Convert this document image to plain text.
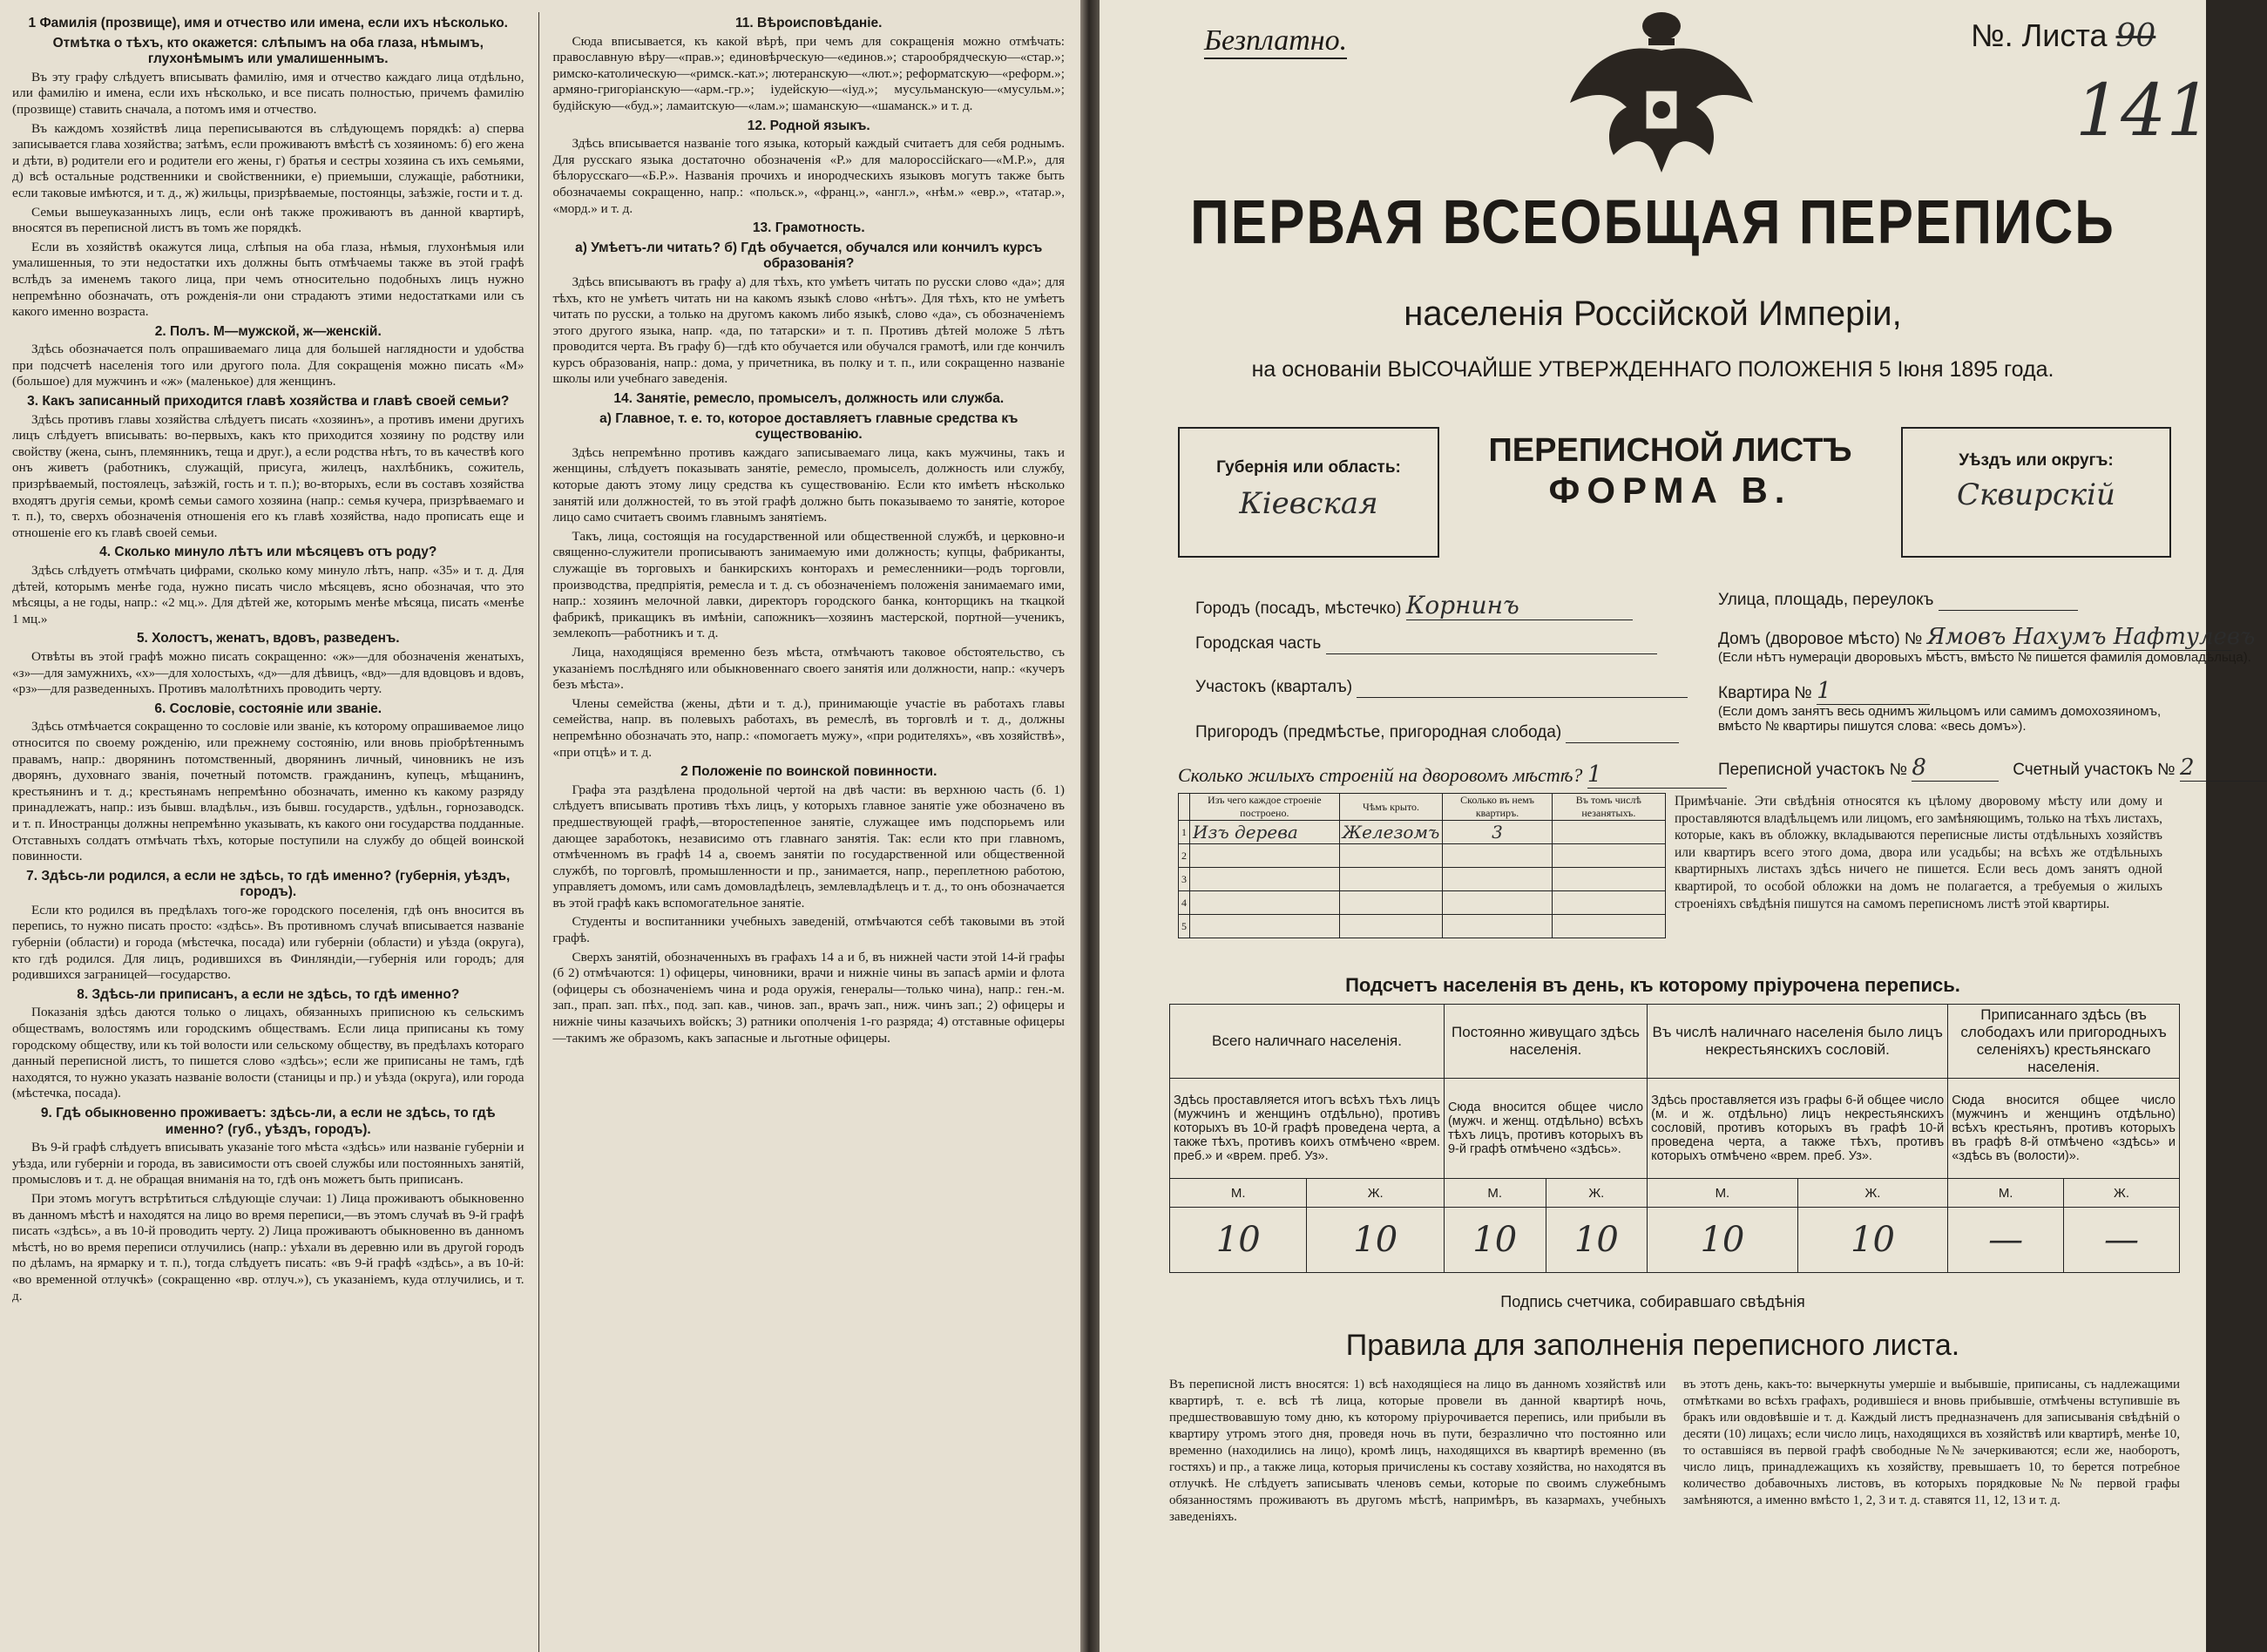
1 Фамилія (прозвище), имя и отчество или имена, если ихъ нѣсколько.
Отмѣтка о тѣхъ, кто окажется: слѣпымъ на оба глаза, нѣмымъ, глухонѣмымъ или умалишеннымъ.

Въ эту графу слѣдуетъ вписывать фамилію, имя и отчество каждаго лица отдѣльно, или фамилію и имена, если ихъ нѣсколько, и все писать полностью, причемъ фамилію (прозвище) ставить сначала, а потомъ имя и отчество.

Въ каждомъ хозяйствѣ лица переписываются въ слѣдующемъ порядкѣ: а) сперва записывается глава хозяйства; затѣмъ, если проживаютъ вмѣстѣ съ хозяиномъ: б) его жена и дѣти, в) родители его и родители его жены, г) братья и сестры хозяина съ ихъ семьями, д) всѣ остальные родственники и свойственники, е) приемыши, служащіе, работники, если таковые имѣются, и т. д., ж) жильцы, призрѣваемые, постоянцы, заѣзжіе, гости и т. д.

Семьи вышеуказанныхъ лицъ, если онѣ также проживаютъ въ данной квартирѣ, вносятся въ переписной листъ въ томъ же порядкѣ.

Если въ хозяйствѣ окажутся лица, слѣпыя на оба глаза, нѣмыя, глухонѣмыя или умалишенныя, то эти недостатки ихъ должны быть отмѣчаемы также въ этой графѣ вслѣдъ за именемъ такого лица, при чемъ относительно подобныхъ лицъ нужно непремѣнно обозначать, отъ рожденія-ли они страдаютъ этими недостатками или съ какого именно возраста.

2. Полъ. М—мужской, ж—женскій.

Здѣсь обозначается полъ опрашиваемаго лица для большей наглядности и удобства при подсчетѣ населенія того или другого пола. Для сокращенія можно писать «М» (большое) для мужчинъ и «ж» (маленькое) для женщинъ.

3. Какъ записанный приходится главѣ хозяйства и главѣ своей семьи?

Здѣсь противъ главы хозяйства слѣдуетъ писать «хозяинъ», а противъ имени другихъ лицъ слѣдуетъ вписывать: во-первыхъ, какъ кто приходится хозяину по родству или свойству (жена, сынъ, племянникъ, теща и друг.), а если родства нѣтъ, то въ качествѣ кого онъ живетъ (работникъ, служащій, присуга, жилецъ, нахлѣбникъ, сожитель, призрѣваемый, постоялецъ, заѣзжій, гость и т. п.); во-вторыхъ, если въ составъ хозяйства входятъ другія семьи, кромѣ семьи самого хозяина (напр.: семья кучера, призрѣваемаго и т. п.), то, сверхъ обозначенія отношенія его къ главѣ хозяйства, надо прописать еще и отношеніе его къ главѣ своей семьи.

4. Сколько минуло лѣтъ или мѣсяцевъ отъ роду?

Здѣсь слѣдуетъ отмѣчать цифрами, сколько кому минуло лѣтъ, напр. «35» и т. д. Для дѣтей, которымъ менѣе года, нужно писать число мѣсяцевъ, ясно обозначая, что это мѣсяцы, а не годы, напр.: «2 мц.». Для дѣтей же, которымъ менѣе мѣсяца, писать «менѣе 1 мц.»

5. Холостъ, женатъ, вдовъ, разведенъ.

Отвѣты въ этой графѣ можно писать сокращенно: «ж»—для обозначенія женатыхъ, «з»—для замужнихъ, «х»—для холостыхъ, «д»—для дѣвицъ, «вд»—для вдовцовъ и вдовъ, «рз»—для разведенныхъ. Противъ малолѣтнихъ проводить черту.

6. Сословіе, состояніе или званіе.

Здѣсь отмѣчается сокращенно то сословіе или званіе, къ которому опрашиваемое лицо относится по своему рожденію, или прежнему состоянію, или вновь пріобрѣтеннымъ правамъ, напр.: дворянинъ потомственный, дворянинъ личный, чиновникъ не изъ дворянъ, духовнаго званія, почетный потомств. гражданинъ, купецъ, мѣщанинъ, крестьянинъ и т. д.; крестьянамъ непремѣнно обозначать, именно къ какому разряду принадлежатъ, напр.: изъ бывш. владѣльч., изъ бывш. государств., удѣльн., горнозаводск. и т. п. Иностранцы должны непремѣнно указывать, къ какого они государства подданные. Отставныхъ солдатъ отмѣчать тѣхъ, которые поступили на службу до общей воинской повинности.

7. Здѣсь-ли родился, а если не здѣсь, то гдѣ именно? (губернія, уѣздъ, городъ).

Если кто родился въ предѣлахъ того-же городского поселенія, гдѣ онъ вносится въ перепись, то нужно писать просто: «здѣсь». Въ противномъ случаѣ вписывается названіе губерніи (области) и города (мѣстечка, посада) или губерніи (области) и уѣзда (округа), кто гдѣ родился. Для лицъ, родившихся въ Финляндіи,—губернія или городъ; для родившихся заграницей—государство.

8. Здѣсь-ли приписанъ, а если не здѣсь, то гдѣ именно?

Показанія здѣсь даются только о лицахъ, обязанныхъ приписною къ сельскимъ обществамъ, волостямъ или городскимъ обществамъ. Если лица приписаны къ тому городскому обществу, или къ той волости или сельскому обществу, въ предѣлахъ котораго данный переписной листъ, то пишется слово «здѣсь»; если же приписаны не тамъ, гдѣ находятся, то нужно указать названіе волости (станицы и пр.) и уѣзда (округа), или города (мѣстечка, посада).

9. Гдѣ обыкновенно проживаетъ: здѣсь-ли, а если не здѣсь, то гдѣ именно? (губ., уѣздъ, городъ).

Въ 9-й графѣ слѣдуетъ вписывать указаніе того мѣста «здѣсь» или названіе губерніи и уѣзда, или губерніи и города, въ зависимости отъ своей службы или постоянныхъ занятій, промысловъ и т. д. не обращая вниманія на то, гдѣ онъ можетъ быть приписанъ.

При этомъ могутъ встрѣтиться слѣдующіе случаи: 1) Лица проживаютъ обыкновенно въ данномъ мѣстѣ и находятся на лицо во время переписи,—въ этомъ случаѣ въ 9-й графѣ писать «здѣсь», а въ 10-й проводить черту. 2) Лица проживаютъ обыкновенно въ данномъ мѣстѣ, но во время переписи отлучились (напр.: уѣхали въ деревню или въ другой городъ по дѣламъ, на ярмарку и т. п.), тогда слѣдуетъ писать: «въ 9-й графѣ «здѣсь», а въ 10-й: «во временной отлучкѣ» (сокращенно «вр. отлуч.»), съ указаніемъ, куда отлучились, и т. д.

11. Вѣроисповѣданіе.

Сюда вписывается, къ какой вѣрѣ, при чемъ для сокращенія можно отмѣчать: православную вѣру—«прав.»; единовѣрческую—«единов.»; старообрядческую—«стар.»; римско-католическую—«римск.-кат.»; лютеранскую—«лют.»; реформатскую—«реформ.»; армяно-григоріанскую—«арм.-гр.»; іудейскую—«іуд.»; мусульманскую—«мусульм.»; будійскую—«буд.»; ламаитскую—«лам.»; шаманскую—«шаманск.» и т. д.

12. Родной языкъ.

Здѣсь вписывается названіе того языка, который каждый считаетъ для себя роднымъ. Для русскаго языка достаточно обозначенія «Р.» для малороссійскаго—«М.Р.», для бѣлорусскаго—«Б.Р.». Названія прочихъ и инородческихъ языковъ могутъ также быть обозначаемы сокращенно, напр.: «польск.», «франц.», «англ.», «нѣм.» «евр.», «татар.», «морд.» и т. д.

13. Грамотность.
а) Умѣетъ-ли читать? б) Гдѣ обучается, обучался или кончилъ курсъ образованія?

Здѣсь вписываютъ въ графу а) для тѣхъ, кто умѣетъ читать по русски слово «да»; для тѣхъ, кто не умѣетъ читать ни на какомъ языкѣ слово «нѣтъ». Для тѣхъ, кто не умѣетъ читать по русски, а только на другомъ какомъ либо языкѣ, слово «да», съ обозначеніемъ этого другого языка, напр. «да, по татарски» и т. п. Противъ дѣтей моложе 5 лѣтъ проводится черта. Въ графу б)—гдѣ кто обучается или обучался грамотѣ, или где кончилъ курсъ образованія, напр.: дома, у причетника, въ полку и т. п., или сокращенно названіе школы или учебнаго заведенія.

14. Занятіе, ремесло, промыселъ, должность или служба.
а) Главное, т. е. то, которое доставляетъ главные средства къ существованію.

Здѣсь непремѣнно противъ каждаго записываемаго лица, какъ мужчины, такъ и женщины, слѣдуетъ показывать занятіе, ремесло, промыселъ, должность или службу, которые даютъ этому лицу средства къ существованію. Если кто имѣетъ нѣсколько занятій или должностей, то въ этой графѣ должно быть показываемо то занятіе, которое лицо само считаетъ своимъ главнымъ занятіемъ.

Такъ, лица, состоящія на государственной или общественной службѣ, и церковно-и священно-служители прописываютъ занимаемую ими должность; купцы, фабриканты, служащіе въ торговыхъ и банкирскихъ конторахъ и ремесленники—родъ торговли, производства, предпріятія, ремесла и т. д. съ обозначеніемъ положенія занимаемаго ими, напр.: хозяинъ мелочной лавки, директоръ городского банка, конторщикъ на ткацкой фабрикѣ, прикащикъ въ имѣніи, сапожникъ—хозяинъ мастерской, портной—ученикъ, землекопъ—работникъ и т. д.

Лица, находящіяся временно безъ мѣста, отмѣчаютъ таковое обстоятельство, съ указаніемъ послѣдняго или обыкновеннаго своего занятія или должности, напр.: «кучеръ безъ мѣста».

Члены семейства (жены, дѣти и т. д.), принимающіе участіе въ работахъ главы семейства, напр. въ полевыхъ работахъ, въ ремеслѣ, въ торговлѣ и т. д., должны непремѣнно обозначать это, напр.: «помогаетъ мужу», «при родителяхъ», «въ хозяйствѣ», «при отцѣ» и т. д.

2 Положеніе по воинской повинности.

Графа эта раздѣлена продольной чертой на двѣ части: въ верхнюю часть (б. 1) слѣдуетъ вписывать противъ тѣхъ лицъ, у которыхъ главное занятіе уже обозначено въ предшествующей графѣ,—второстепенное занятіе, служащее имъ подспорьемъ или дающее заработокъ, независимо отъ главнаго занятія. Так: если кто при главномъ, отмѣченномъ въ графѣ 14 а, своемъ занятіи по государственной или общественной службѣ, по торговлѣ, промышленности и пр., занимается, напр., переплетною работою, управляетъ домомъ, или самъ домовладѣлецъ, землевладѣлецъ и т. д., то онъ обозначается въ этой графѣ какъ вспомогательное занятіе.

Студенты и воспитанники учебныхъ заведеній, отмѣчаются себѣ таковыми въ этой графѣ.

Сверхъ занятій, обозначенныхъ въ графахъ 14 а и б, въ нижней части этой 14-й графы (б 2) отмѣчаются: 1) офицеры, чиновники, врачи и нижніе чины въ запасѣ арміи и флота (офицеры съ обозначеніемъ чина и рода оружія, генералы—только чина), напр.: ген.-м. зап., прап. зап. пѣх., под. зап. кав., чинов. зап., врачъ зап., ниж. чинъ зап.; 2) офицеры и нижніе чины казачьихъ войскъ; 3) ратники ополченія 1-го разряда; 4) отставные офицеры—такимъ же образомъ, какъ запасные и льготные офицеры.

Безплатно.	№. Листа 90
141
ПЕРВАЯ ВСЕОБЩАЯ ПЕРЕПИСЬ
населенія Россійской Имперіи,
на основаніи ВЫСОЧАЙШЕ УТВЕРЖДЕННАГО ПОЛОЖЕНІЯ 5 Іюня 1895 года.
Губернія или область:
Кiевская
ПЕРЕПИСНОЙ ЛИСТЪ
ФОРМА В.
Уѣздъ или округъ:
Сквирскiй
Городъ (посадъ, мѣстечко) Корнинъ	Улица, площадь, переулокъ
Домъ (дворовое мѣсто) № Ямовъ Нахумъ Нафтулевъ
Городская часть
(Если нѣтъ нумераціи дворовыхъ мѣстъ, вмѣсто № пишется фамилія домовладѣльца).
Участокъ (кварталъ)	Квартира № 1
(Если домъ занятъ весь однимъ жильцомъ или самимъ домохозяиномъ, вмѣсто № квартиры пишутся слова: «весь домъ»).
Пригородъ (предмѣстье, пригородная слобода)
Переписной участокъ № 8	Счетный участокъ № 2
Сколько жилыхъ строеній на дворовомъ мѣстѣ? 1
	Изъ чего каждое строеніе построено.	Чѣмъ крыто.	Сколько въ немъ квартиръ.	Въ томъ числѣ незанятыхъ.
1	Изъ дерева	Железомъ	3	
2				
3				
4				
5				
Примѣчаніе. Эти свѣдѣнія относятся къ цѣлому дворовому мѣсту или дому и проставляются владѣльцемъ или лицомъ, его замѣняющимъ, только на тѣхъ листахъ, которые, какъ въ обложку, вкладываются переписные листы отдѣльныхъ хозяйствъ или квартиръ всего этого дома, двора или усадьбы; на всѣхъ же отдѣльныхъ квартирныхъ листахъ здѣсь ничего не пишется. Если весь домъ занятъ одной квартирой, то особой обложки на домъ не полагается, а требуемыя о жилыхъ строеніяхъ свѣдѣнія пишутся на самомъ переписномъ листѣ этой квартиры.
Подсчетъ населенія въ день, къ которому пріурочена перепись.
Всего наличнаго населенія.		Постоянно живущаго здѣсь населенія.		Въ числѣ наличнаго населенія было лицъ некрестьянскихъ сословій.		Приписаннаго здѣсь (въ слободахъ или пригородныхъ селеніяхъ) крестьянскаго населенія.	
Здѣсь проставляется итогъ всѣхъ тѣхъ лицъ (мужчинъ и женщинъ отдѣльно), противъ которыхъ въ 10-й графѣ проведена черта, а также тѣхъ, противъ коихъ отмѣчено «врем. преб.» и «врем. преб. Уз».		Сюда вносится общее число (мужч. и женщ. отдѣльно) всѣхъ тѣхъ лицъ, противъ которыхъ въ 9-й графѣ отмѣчено «здѣсь».		Здѣсь проставляется изъ графы 6-й общее число (м. и ж. отдѣльно) лицъ некрестьянскихъ сословій, противъ которыхъ въ графѣ 10-й проведена черта, а также тѣхъ, противъ которыхъ отмѣчено «врем. преб. Уз».		Сюда вносится общее число (мужчинъ и женщинъ отдѣльно) всѣхъ крестьянъ, противъ которыхъ въ графѣ 8-й отмѣчено «здѣсь» и «здѣсь въ (волости)».	
М.	Ж.	М.	Ж.	М.	Ж.	М.	Ж.
10	10	10	10	10	10	—	—
Подпись счетчика, собиравшаго свѣдѣнія
Правила для заполненія переписного листа.
Въ переписной листъ вносятся: 1) всѣ находящіеся на лицо въ данномъ хозяйствѣ или квартирѣ, т. е. всѣ тѣ лица, которые провели въ данной квартирѣ ночь, предшествовавшую тому дню, къ которому пріурочивается перепись, или прибыли въ квартиру утромъ этого дня, проведя ночь въ пути, безразлично что постоянно или временно (находились на лицо), кромѣ лицъ, находящихся въ квартирѣ временно (въ гостяхъ) и пр., а также лица, которыя причислены къ составу хозяйства, но находятся въ отлучкѣ. Не слѣдуетъ записывать членовъ семьи, которые по своимъ служебнымъ обязанностямъ проживаютъ въ другомъ мѣстѣ, напримѣръ, въ казармахъ, учебныхъ заведеніяхъ.
въ этотъ день, какъ-то: вычеркнуты умершіе и выбывшіе, приписаны, съ надлежащими отмѣтками во всѣхъ графахъ, родившіеся и вновь прибывшіе, отмѣчены вступившіе въ бракъ или овдовѣвшіе и т. д. Каждый листъ предназначенъ для записыванія свѣдѣній о десяти (10) лицахъ; если число лицъ, находящихся въ хозяйствѣ или квартирѣ, менѣе 10, то оставшіяся въ первой графѣ свободные №№ зачеркиваются; если же, наоборотъ, число лицъ, принадлежащихъ къ хозяйству, превышаетъ 10, то берется потребное количество добавочныхъ листовъ, въ которыхъ порядковые №№ первой графы замѣняются, а именно вмѣсто 1, 2, 3 и т. д. ставятся 11, 12, 13 и т. д.
